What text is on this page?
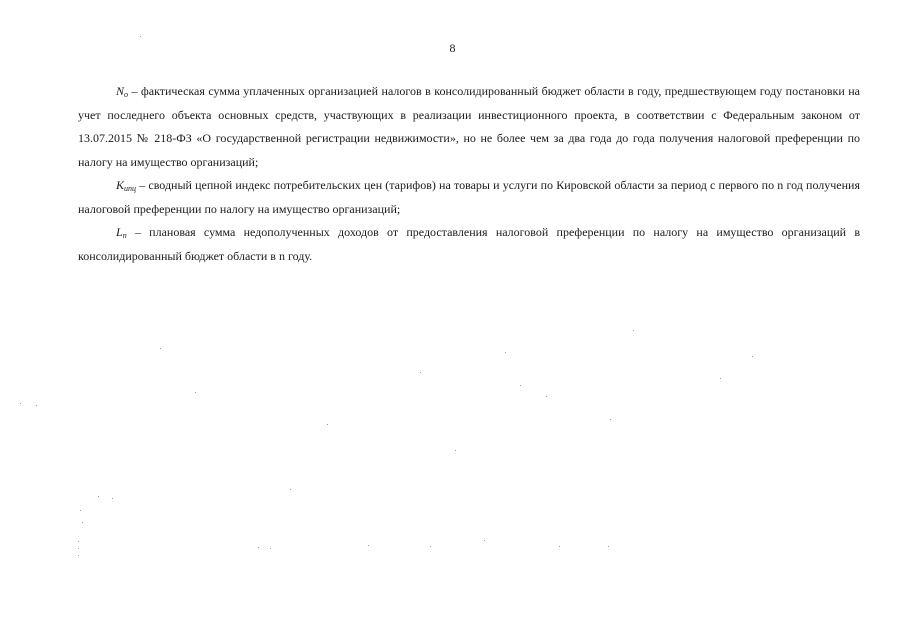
8

$N_o$ – фактическая сумма уплаченных организацией налогов в консолидированный бюджет области в году, предшествующем году постановки на учет последнего объекта основных средств, участвующих в реализации инвестиционного проекта, в соответствии с Федеральным законом от 13.07.2015 № 218-ФЗ «О государственной регистрации недвижимости», но не более чем за два года до года получения налоговой преференции по налогу на имущество организаций;

$K_{ипц}$ – сводный цепной индекс потребительских цен (тарифов) на товары и услуги по Кировской области за период с первого по n год получения налоговой преференции по налогу на имущество организаций;

$L_n$ – плановая сумма недополученных доходов от предоставления налоговой преференции по налогу на имущество организаций в консолидированный бюджет области в n году.
